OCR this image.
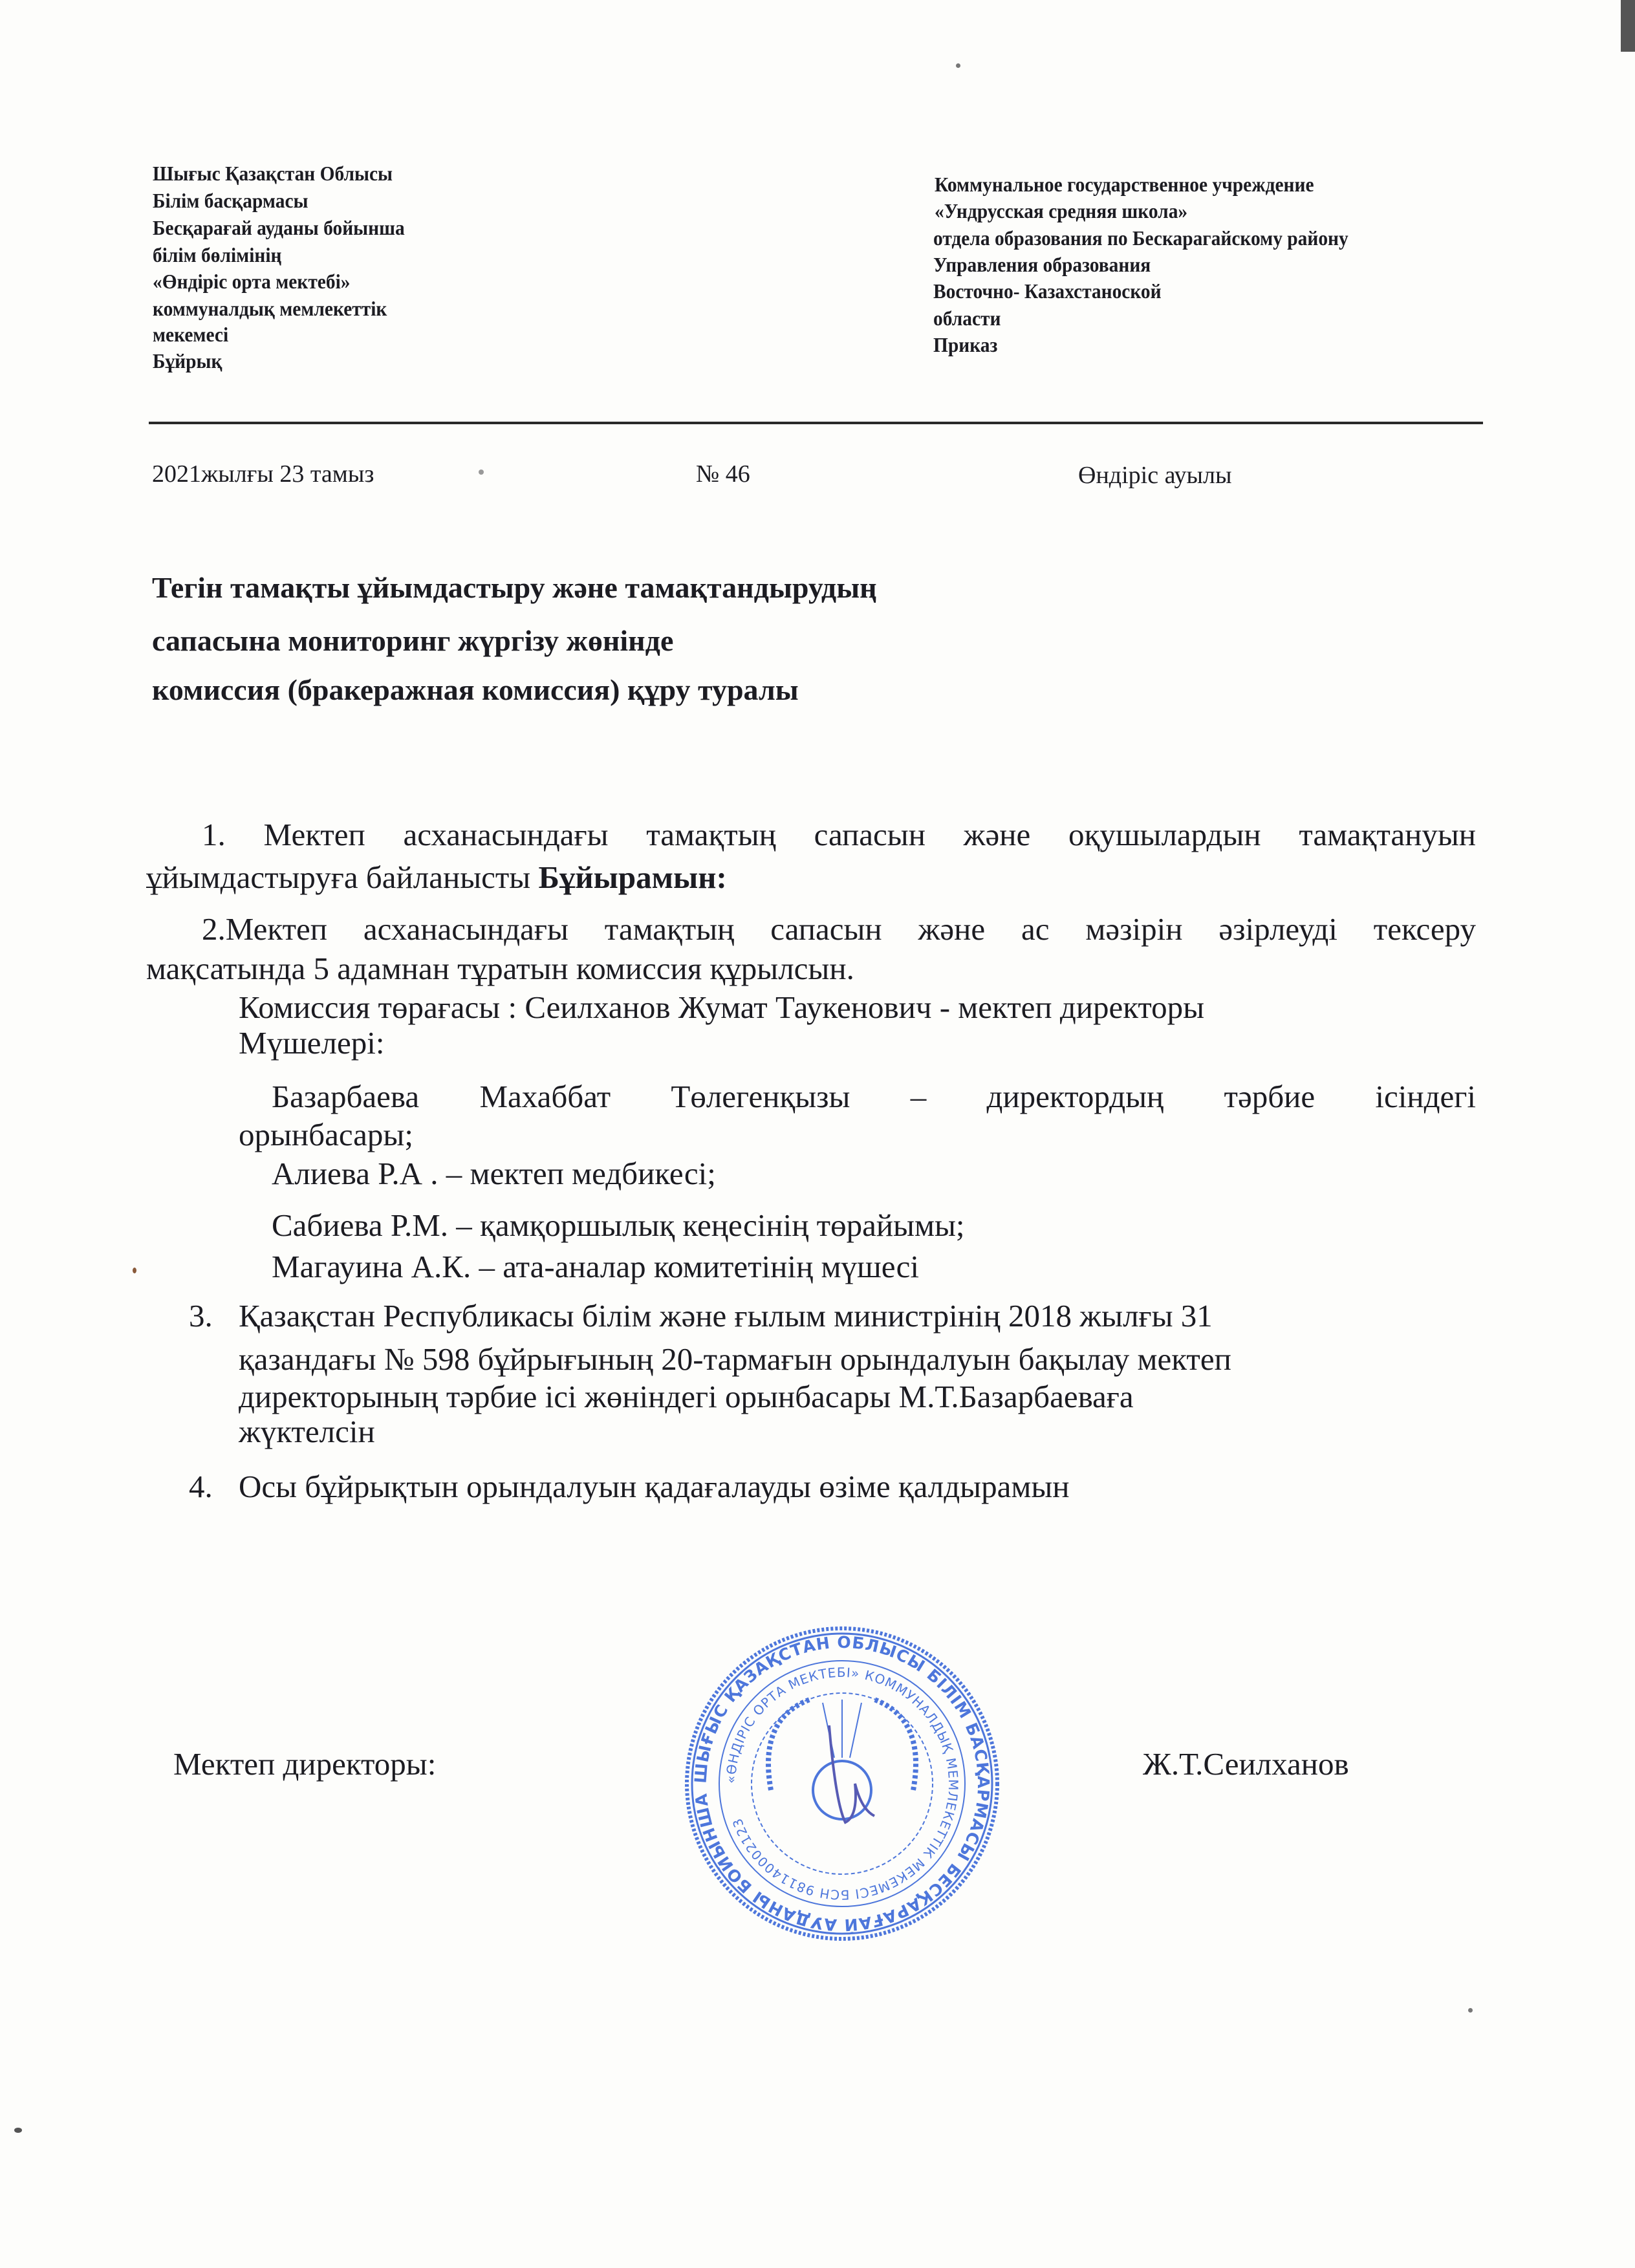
Шығыс Қазақстан Облысы
Білім басқармасы
Бесқарағай ауданы бойынша
білім бөлімінің
«Өндіріс орта мектебі»
коммуналдық мемлекеттік
мекемесі
Бұйрық
Коммунальное государственное учреждение
«Ундрусская средняя школа»
отдела образования по Бескарагайскому району
Управления образования
Восточно- Казахстаноской
области
Приказ
2021жылғы 23 тамыз	№ 46	Өндіріс ауылы
Тегін тамақты ұйымдастыру және тамақтандырудың
сапасына мониторинг жүргізу жөнінде
комиссия (бракеражная комиссия) құру туралы
1. Мектеп асханасындағы тамақтың сапасын және оқушылардын тамақтануын
ұйымдастыруға байланысты Бұйырамын:
2.Мектеп асханасындағы тамақтың сапасын және ас мәзірін әзірлеуді тексеру
мақсатында 5 адамнан тұратын комиссия құрылсын.
Комиссия төрағасы : Сеилханов Жумат Таукенович - мектеп директоры
Мүшелері:
Базарбаева Махаббат Төлегенқызы – директордың тәрбие ісіндегі
орынбасары;
Алиева Р.А . – мектеп медбикесі;
Сабиева Р.М. – қамқоршылық кеңесінің төрайымы;
Магауина А.К. – ата-аналар комитетінің мүшесі
3. Қазақстан Республикасы білім және ғылым министрінің 2018 жылғы 31
қазандағы № 598 бұйрығының 20-тармағын орындалуын бақылау мектеп
директорының тәрбие ісі жөніндегі орынбасары М.Т.Базарбаеваға
жүктелсін
4. Осы бұйрықтын орындалуын қадағалауды өзіме қалдырамын
Мектеп директоры:	Ж.Т.Сеилханов
ШЫҒЫС ҚАЗАҚСТАН ОБЛЫСЫ БІЛІМ БАСҚАРМАСЫ БЕСҚАРАҒАЙ АУДАНЫ БОЙЫНША
«ӨНДІРІС ОРТА МЕКТЕБІ» КОММУНАЛДЫҚ МЕМЛЕКЕТТІК МЕКЕМЕСІ БСН 981140002123
